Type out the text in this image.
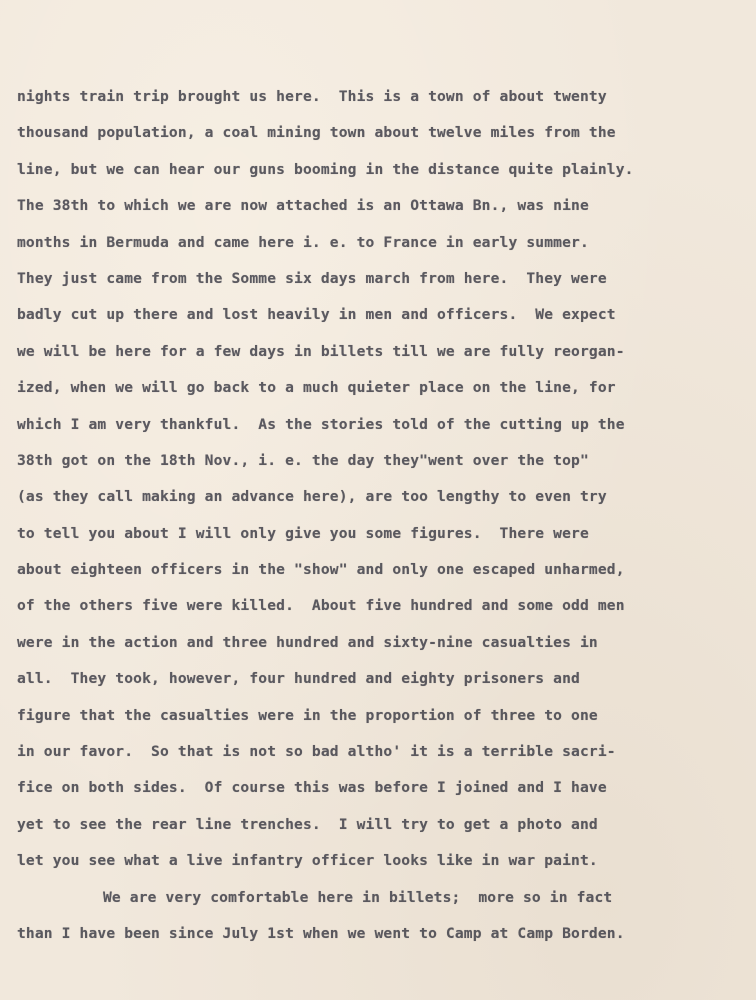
nights train trip brought us here.  This is a town of about twenty
thousand population, a coal mining town about twelve miles from the
line, but we can hear our guns booming in the distance quite plainly.
The 38th to which we are now attached is an Ottawa Bn., was nine
months in Bermuda and came here i. e. to France in early summer.
They just came from the Somme six days march from here.  They were
badly cut up there and lost heavily in men and officers.  We expect
we will be here for a few days in billets till we are fully reorgan-
ized, when we will go back to a much quieter place on the line, for
which I am very thankful.  As the stories told of the cutting up the
38th got on the 18th Nov., i. e. the day they"went over the top"
(as they call making an advance here), are too lengthy to even try
to tell you about I will only give you some figures.  There were
about eighteen officers in the "show" and only one escaped unharmed,
of the others five were killed.  About five hundred and some odd men
were in the action and three hundred and sixty-nine casualties in
all.  They took, however, four hundred and eighty prisoners and
figure that the casualties were in the proportion of three to one
in our favor.  So that is not so bad altho' it is a terrible sacri-
fice on both sides.  Of course this was before I joined and I have
yet to see the rear line trenches.  I will try to get a photo and
let you see what a live infantry officer looks like in war paint.
We are very comfortable here in billets;  more so in fact
than I have been since July 1st when we went to Camp at Camp Borden.
